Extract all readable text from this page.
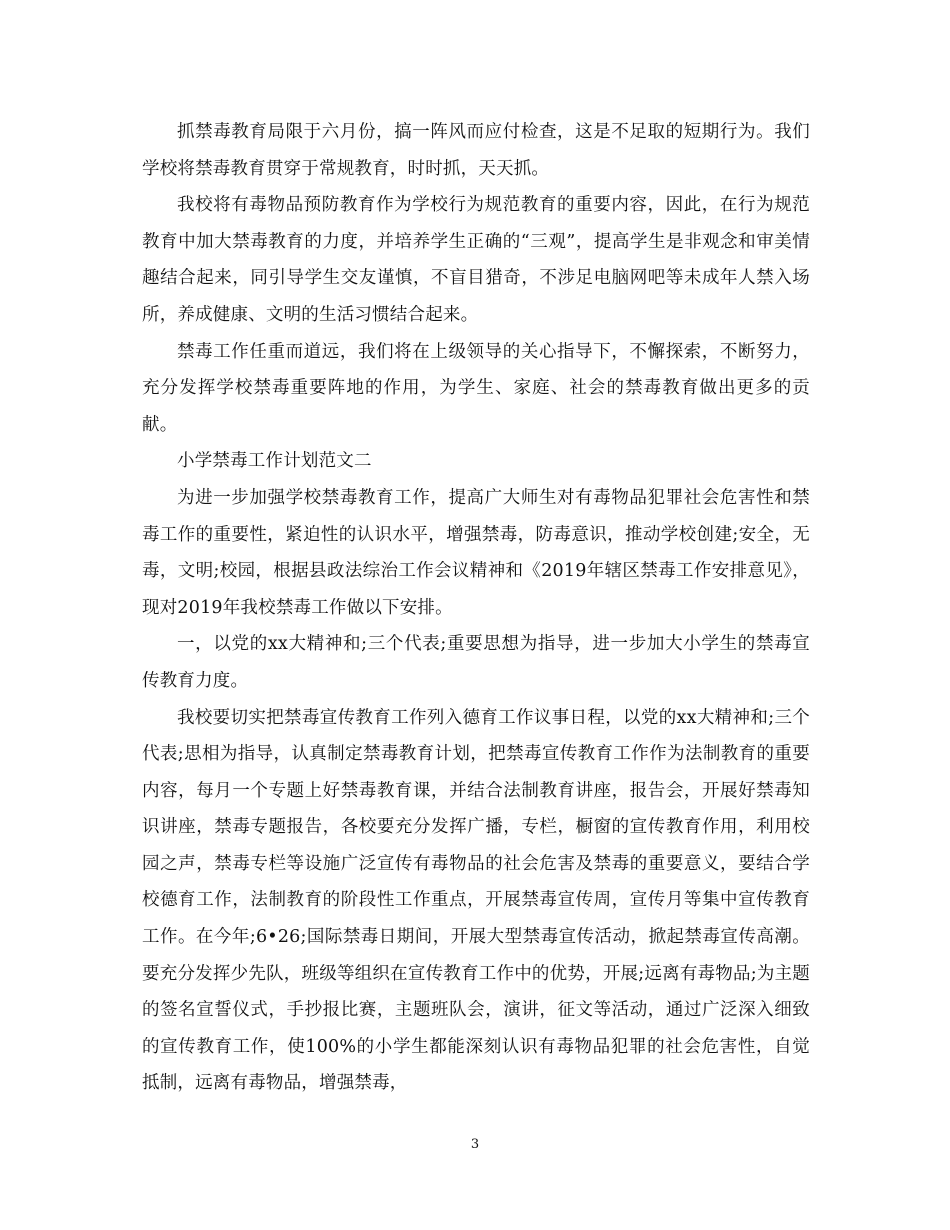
抓禁毒教育局限于六月份，搞一阵风而应付检查，这是不足取的短期行为。我们学校将禁毒教育贯穿于常规教育，时时抓，天天抓。

我校将有毒物品预防教育作为学校行为规范教育的重要内容，因此，在行为规范教育中加大禁毒教育的力度，并培养学生正确的“三观”，提高学生是非观念和审美情趣结合起来，同引导学生交友谨慎，不盲目猎奇，不涉足电脑网吧等未成年人禁入场所，养成健康、文明的生活习惯结合起来。

禁毒工作任重而道远，我们将在上级领导的关心指导下，不懈探索，不断努力，充分发挥学校禁毒重要阵地的作用，为学生、家庭、社会的禁毒教育做出更多的贡献。

小学禁毒工作计划范文二

为进一步加强学校禁毒教育工作，提高广大师生对有毒物品犯罪社会危害性和禁毒工作的重要性，紧迫性的认识水平，增强禁毒，防毒意识，推动学校创建;安全，无毒，文明;校园，根据县政法综治工作会议精神和《2019年辖区禁毒工作安排意见》，现对2019年我校禁毒工作做以下安排。

一，以党的xx大精神和;三个代表;重要思想为指导，进一步加大小学生的禁毒宣传教育力度。

我校要切实把禁毒宣传教育工作列入德育工作议事日程，以党的xx大精神和;三个代表;思相为指导，认真制定禁毒教育计划，把禁毒宣传教育工作作为法制教育的重要内容，每月一个专题上好禁毒教育课，并结合法制教育讲座，报告会，开展好禁毒知识讲座，禁毒专题报告，各校要充分发挥广播，专栏，橱窗的宣传教育作用，利用校园之声，禁毒专栏等设施广泛宣传有毒物品的社会危害及禁毒的重要意义，要结合学校德育工作，法制教育的阶段性工作重点，开展禁毒宣传周，宣传月等集中宣传教育工作。在今年;6•26;国际禁毒日期间，开展大型禁毒宣传活动，掀起禁毒宣传高潮。要充分发挥少先队，班级等组织在宣传教育工作中的优势，开展;远离有毒物品;为主题的签名宣誓仪式，手抄报比赛，主题班队会，演讲，征文等活动，通过广泛深入细致的宣传教育工作，使100%的小学生都能深刻认识有毒物品犯罪的社会危害性，自觉抵制，远离有毒物品，增强禁毒，

3
